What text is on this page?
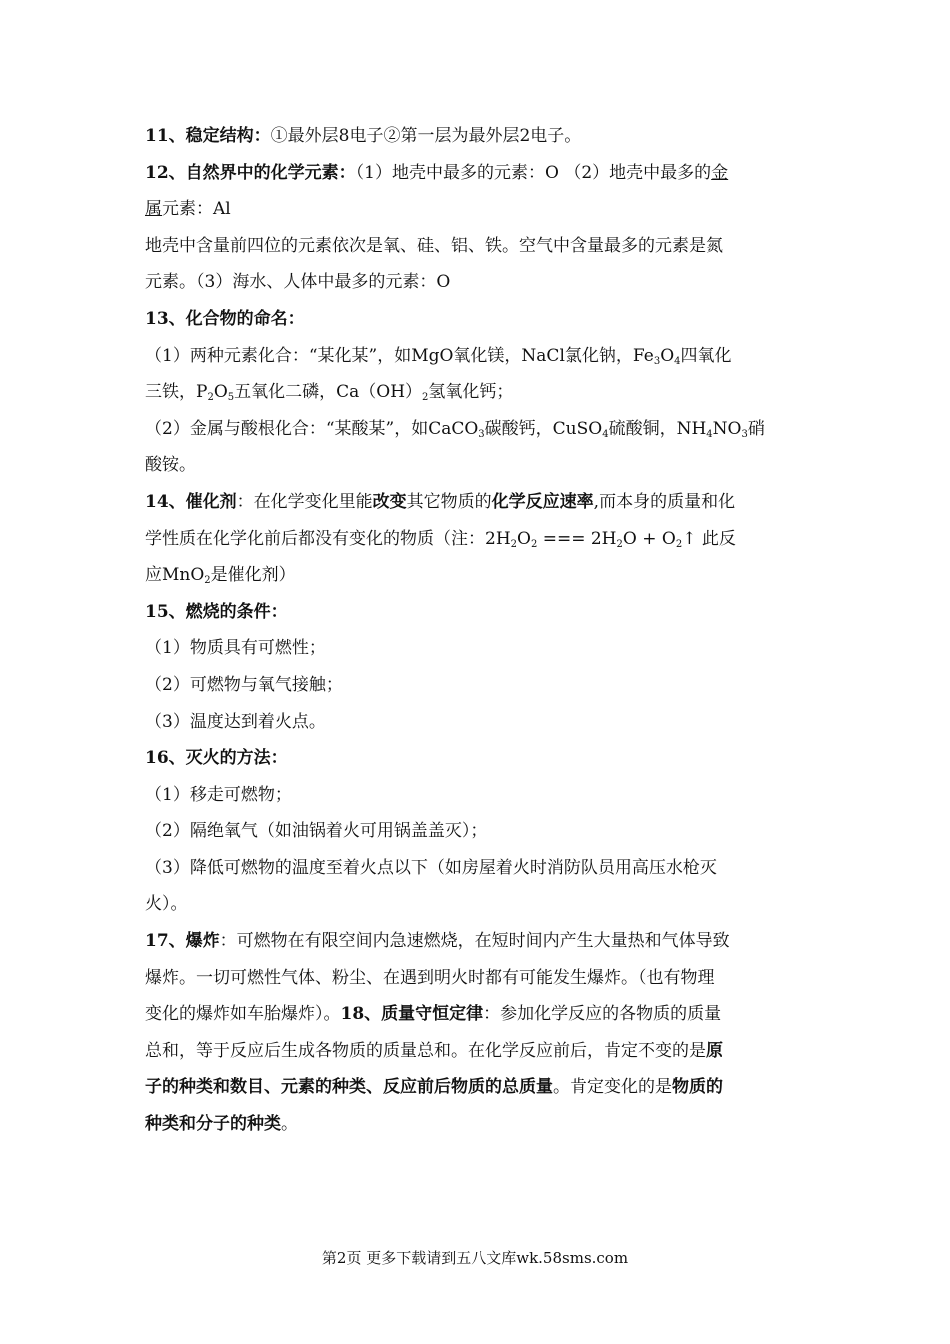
11、稳定结构：①最外层8电子②第一层为最外层2电子。
12、自然界中的化学元素：（1）地壳中最多的元素：O （2）地壳中最多的金
属元素：Al
地壳中含量前四位的元素依次是氧、硅、铝、铁。空气中含量最多的元素是氮
元素。（3）海水、人体中最多的元素：O
13、化合物的命名：
（1）两种元素化合：“某化某”，如MgO氧化镁，NaCl氯化钠，$Fe_3O_4$四氧化
三铁，$P_2O_5$五氧化二磷，$Ca(OH)_2$氢氧化钙；
（2）金属与酸根化合：“某酸某”，如CaCO$_3$碳酸钙，CuSO$_4$硫酸铜，$NH_4NO_3$硝
酸铵。
14、催化剂：在化学变化里能改变其它物质的化学反应速率,而本身的质量和化
学性质在化学化前后都没有变化的物质（注：$2H_2O_2$ === $2H_2O$ + $O_2↑$ 此反
应MnO$_2$是催化剂）
15、燃烧的条件：
（1）物质具有可燃性；
（2）可燃物与氧气接触；
（3）温度达到着火点。
16、灭火的方法：
（1）移走可燃物；
（2）隔绝氧气（如油锅着火可用锅盖盖灭）；
（3）降低可燃物的温度至着火点以下（如房屋着火时消防队员用高压水枪灭
火）。
17、爆炸：可燃物在有限空间内急速燃烧，在短时间内产生大量热和气体导致
爆炸。一切可燃性气体、粉尘、在遇到明火时都有可能发生爆炸。（也有物理
变化的爆炸如车胎爆炸）。18、质量守恒定律：参加化学反应的各物质的质量
总和，等于反应后生成各物质的质量总和。在化学反应前后，肯定不变的是原
子的种类和数目、元素的种类、反应前后物质的总质量。肯定变化的是物质的
种类和分子的种类。
第2页 更多下载请到五八文库wk.58sms.com
